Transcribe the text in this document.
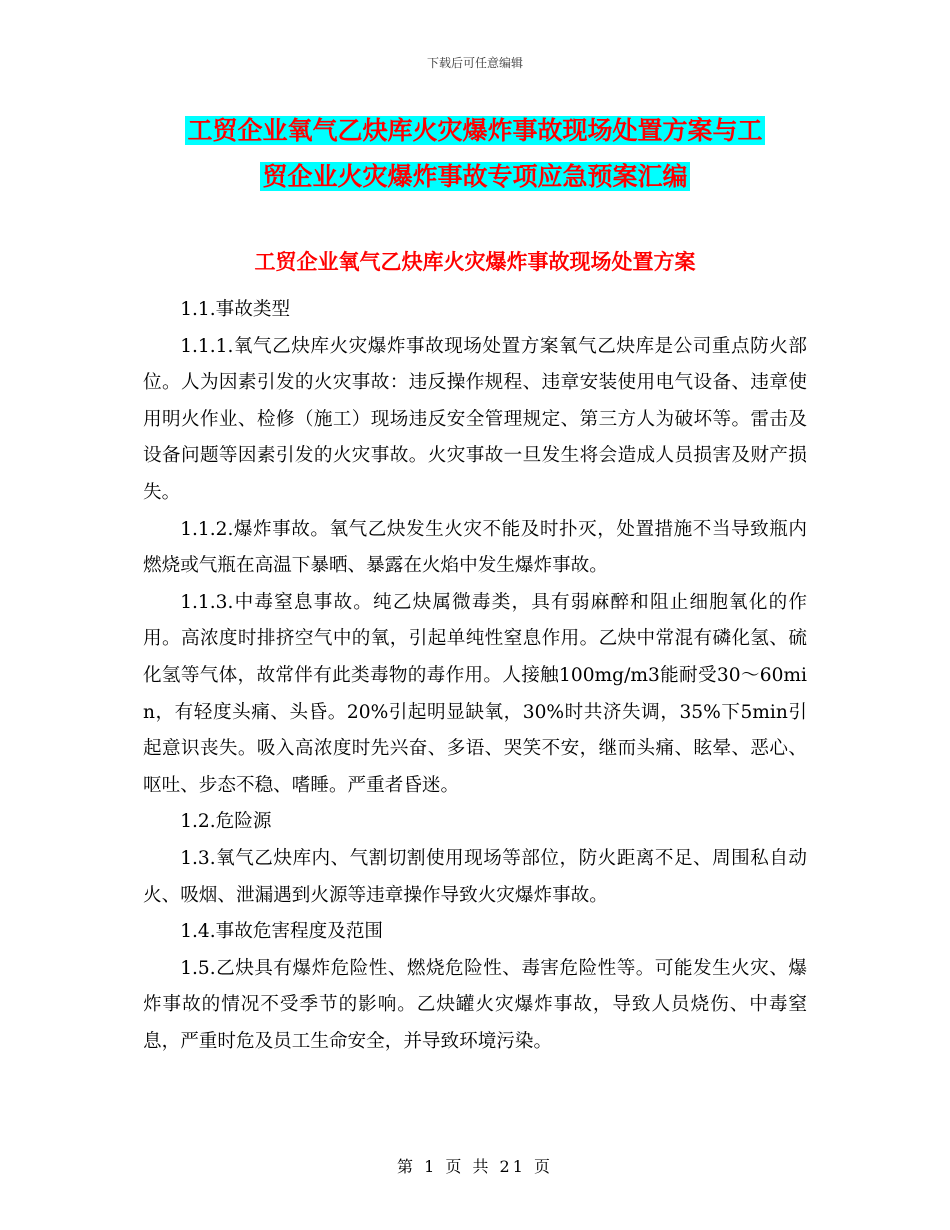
下载后可任意编辑
工贸企业氧气乙炔库火灾爆炸事故现场处置方案与工
贸企业火灾爆炸事故专项应急预案汇编
工贸企业氧气乙炔库火灾爆炸事故现场处置方案

1.1.事故类型

1.1.1.氧气乙炔库火灾爆炸事故现场处置方案氧气乙炔库是公司重点防火部位。人为因素引发的火灾事故：违反操作规程、违章安装使用电气设备、违章使用明火作业、检修（施工）现场违反安全管理规定、第三方人为破坏等。雷击及设备问题等因素引发的火灾事故。火灾事故一旦发生将会造成人员损害及财产损失。

1.1.2.爆炸事故。氧气乙炔发生火灾不能及时扑灭，处置措施不当导致瓶内燃烧或气瓶在高温下暴晒、暴露在火焰中发生爆炸事故。

1.1.3.中毒窒息事故。纯乙炔属微毒类，具有弱麻醉和阻止细胞氧化的作用。高浓度时排挤空气中的氧，引起单纯性窒息作用。乙炔中常混有磷化氢、硫化氢等气体，故常伴有此类毒物的毒作用。人接触100mg/m3能耐受30～60min，有轻度头痛、头昏。20%引起明显缺氧，30%时共济失调，35%下5min引起意识丧失。吸入高浓度时先兴奋、多语、哭笑不安，继而头痛、眩晕、恶心、呕吐、步态不稳、嗜睡。严重者昏迷。

1.2.危险源

1.3.氧气乙炔库内、气割切割使用现场等部位，防火距离不足、周围私自动火、吸烟、泄漏遇到火源等违章操作导致火灾爆炸事故。

1.4.事故危害程度及范围

1.5.乙炔具有爆炸危险性、燃烧危险性、毒害危险性等。可能发生火灾、爆炸事故的情况不受季节的影响。乙炔罐火灾爆炸事故，导致人员烧伤、中毒窒息，严重时危及员工生命安全，并导致环境污染。

第 1 页 共 21 页
